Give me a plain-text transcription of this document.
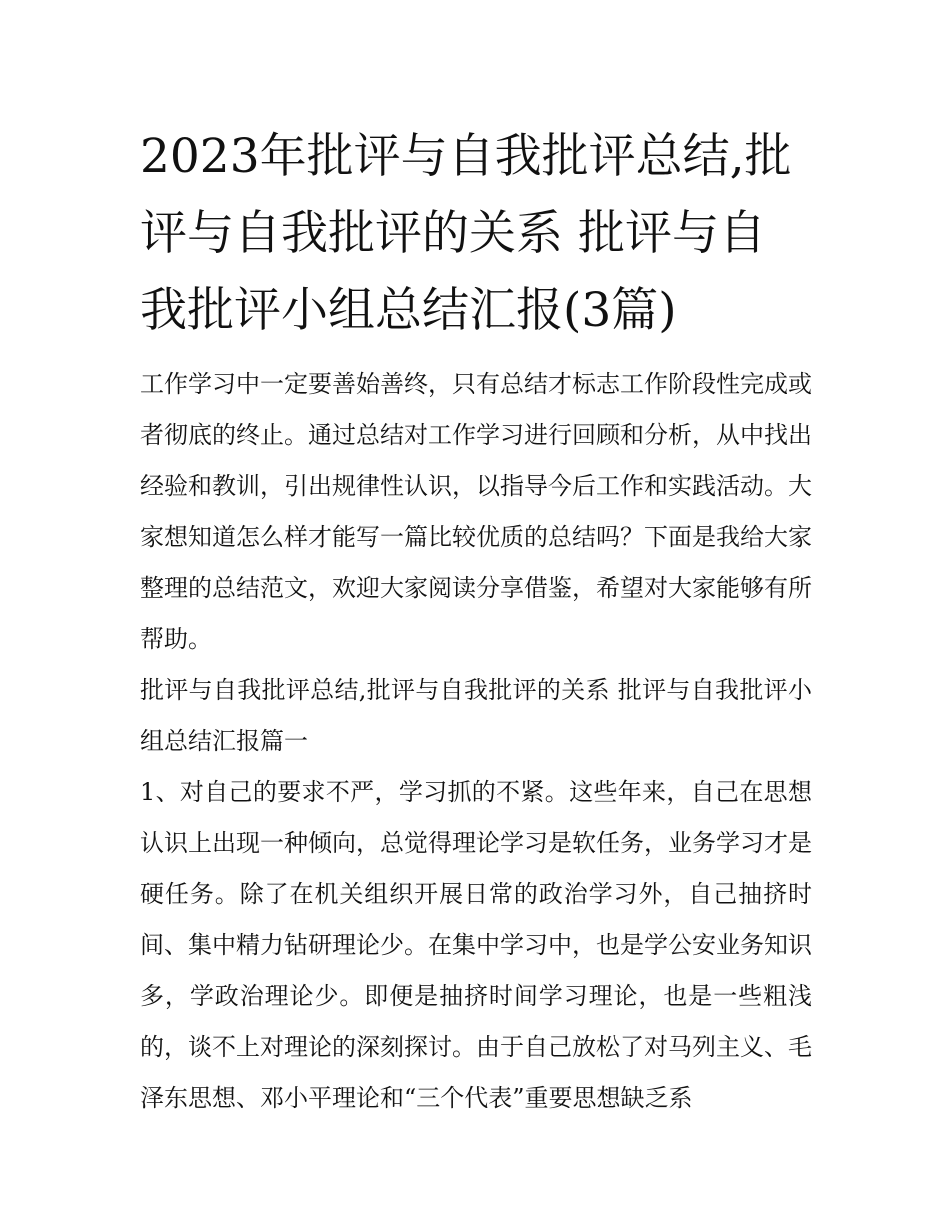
2023年批评与自我批评总结,批评与自我批评的关系 批评与自我批评小组总结汇报(3篇)

工作学习中一定要善始善终，只有总结才标志工作阶段性完成或者彻底的终止。通过总结对工作学习进行回顾和分析，从中找出经验和教训，引出规律性认识，以指导今后工作和实践活动。大家想知道怎么样才能写一篇比较优质的总结吗？下面是我给大家整理的总结范文，欢迎大家阅读分享借鉴，希望对大家能够有所帮助。

批评与自我批评总结,批评与自我批评的关系 批评与自我批评小组总结汇报篇一

1、对自己的要求不严，学习抓的不紧。这些年来，自己在思想认识上出现一种倾向，总觉得理论学习是软任务，业务学习才是硬任务。除了在机关组织开展日常的政治学习外，自己抽挤时间、集中精力钻研理论少。在集中学习中，也是学公安业务知识多，学政治理论少。即便是抽挤时间学习理论，也是一些粗浅的，谈不上对理论的深刻探讨。由于自己放松了对马列主义、毛泽东思想、邓小平理论和“三个代表”重要思想缺乏系
